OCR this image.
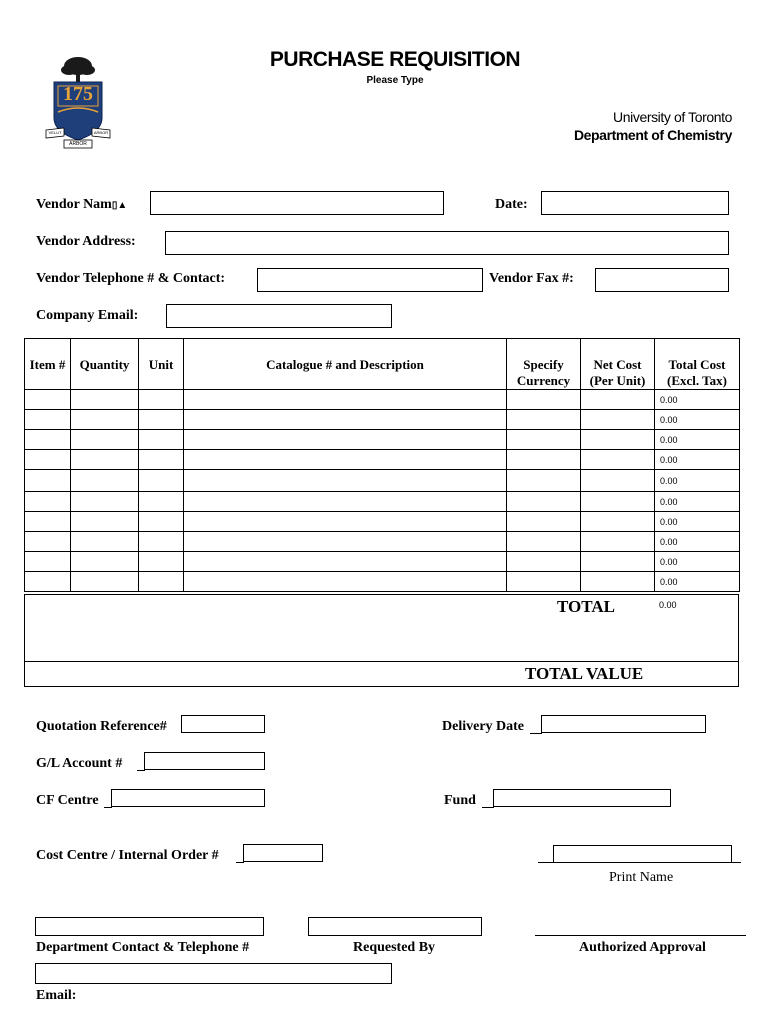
175
VELUT	ARBOR
ARBOR
PURCHASE REQUISITION
Please Type
University of Toronto
Department of Chemistry
Vendor Nam▯▲	Date:
Vendor Address:
Vendor Telephone # & Contact:	Vendor Fax #:
Company Email:
Item #	Quantity	Unit	Catalogue # and Description	Specify Currency	Net Cost (Per Unit)	Total Cost (Excl. Tax)
						0.00
						0.00
						0.00
						0.00
						0.00
						0.00
						0.00
						0.00
						0.00
						0.00
TOTAL	0.00
TOTAL VALUE
Quotation Reference#	Delivery Date
G/L Account #
CF Centre	Fund
Cost Centre / Internal Order #
Print Name
Department Contact & Telephone #	Requested By	Authorized Approval
Email:
